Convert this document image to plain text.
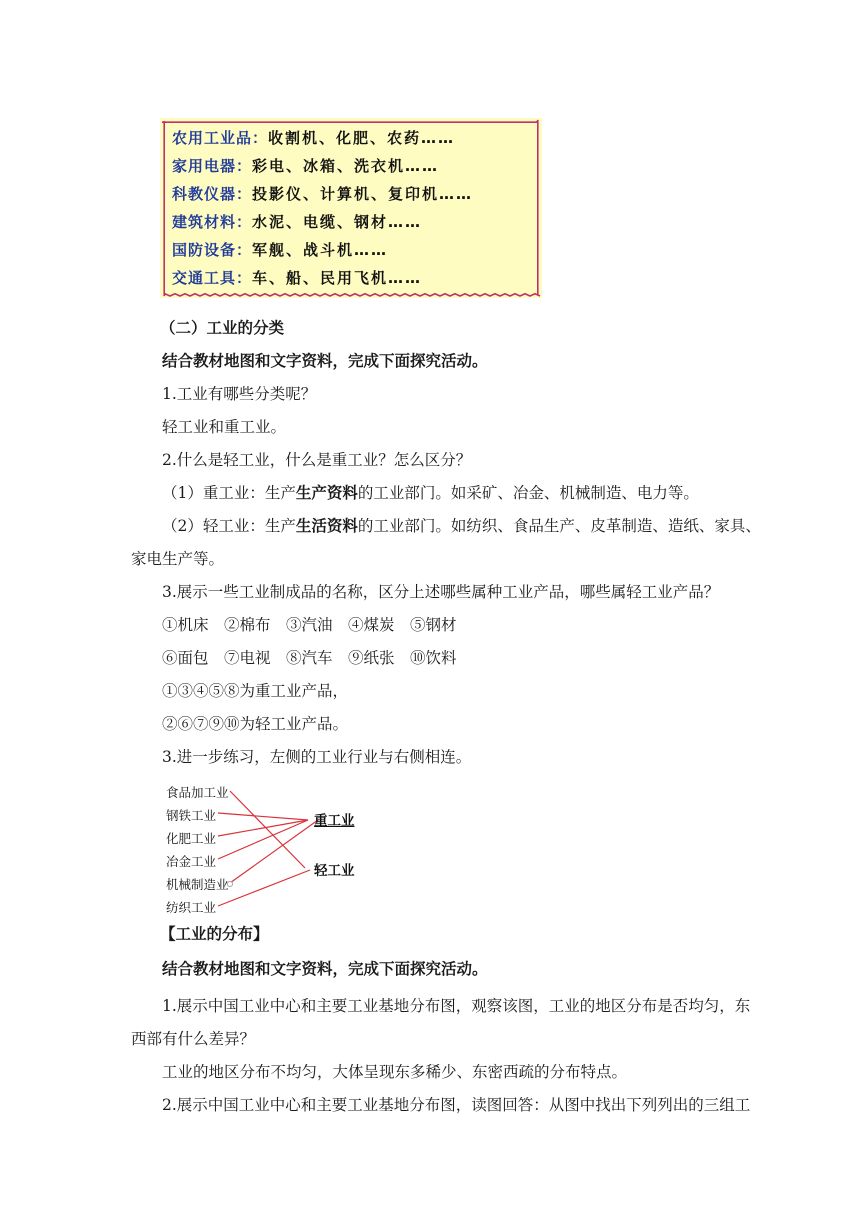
农用工业品：收割机、化肥、农药……
家用电器：彩电、冰箱、洗衣机……
科教仪器：投影仪、计算机、复印机……
建筑材料：水泥、电缆、钢材……
国防设备：军舰、战斗机……
交通工具：车、船、民用飞机……
（二）工业的分类
结合教材地图和文字资料，完成下面探究活动。
1.工业有哪些分类呢？
轻工业和重工业。
2.什么是轻工业，什么是重工业？怎么区分？
（1）重工业：生产生产资料的工业部门。如采矿、冶金、机械制造、电力等。
（2）轻工业：生产生活资料的工业部门。如纺织、食品生产、皮革制造、造纸、家具、
家电生产等。
3.展示一些工业制成品的名称，区分上述哪些属种工业产品，哪些属轻工业产品？
①机床　②棉布　③汽油　④煤炭　⑤钢材
⑥面包　⑦电视　⑧汽车　⑨纸张　⑩饮料
①③④⑤⑧为重工业产品，
②⑥⑦⑨⑩为轻工业产品。
3.进一步练习，左侧的工业行业与右侧相连。
食品加工业
钢铁工业
化肥工业
冶金工业
机械制造业
纺织工业
重工业
轻工业
【工业的分布】
结合教材地图和文字资料，完成下面探究活动。
1.展示中国工业中心和主要工业基地分布图，观察该图，工业的地区分布是否均匀，东
西部有什么差异？
工业的地区分布不均匀，大体呈现东多稀少、东密西疏的分布特点。
2.展示中国工业中心和主要工业基地分布图，读图回答：从图中找出下列列出的三组工
